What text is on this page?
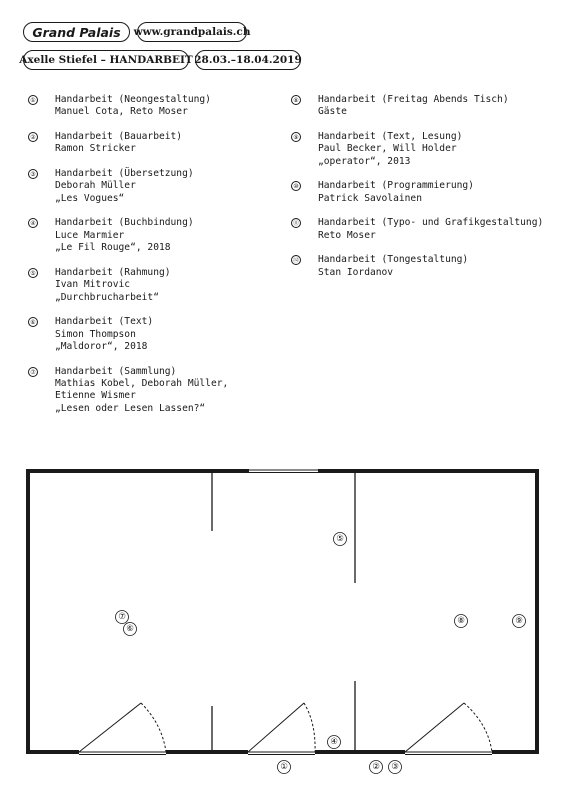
Grand Palais www.grandpalais.ch
Axelle Stiefel – HANDARBEIT 28.03.–18.04.2019
① Handarbeit (Neongestaltung)
Manuel Cota, Reto Moser
② Handarbeit (Bauarbeit)
Ramon Stricker
③ Handarbeit (Übersetzung)
Deborah Müller
„Les Vogues“
④ Handarbeit (Buchbindung)
Luce Marmier
„Le Fil Rouge“, 2018
⑤ Handarbeit (Rahmung)
Ivan Mitrovic
„Durchbrucharbeit“
⑥ Handarbeit (Text)
Simon Thompson
„Maldoror“, 2018
⑦ Handarbeit (Sammlung)
Mathias Kobel, Deborah Müller,
Etienne Wismer
„Lesen oder Lesen Lassen?“
⑧ Handarbeit (Freitag Abends Tisch)
Gäste
⑨ Handarbeit (Text, Lesung)
Paul Becker, Will Holder
„operator“, 2013
⑩ Handarbeit (Programmierung)
Patrick Savolainen
⑪ Handarbeit (Typo- und Grafikgestaltung)
Reto Moser
⑫ Handarbeit (Tongestaltung)
Stan Iordanov
①	② ③
④
⑤
⑥
⑦	⑧	⑨
